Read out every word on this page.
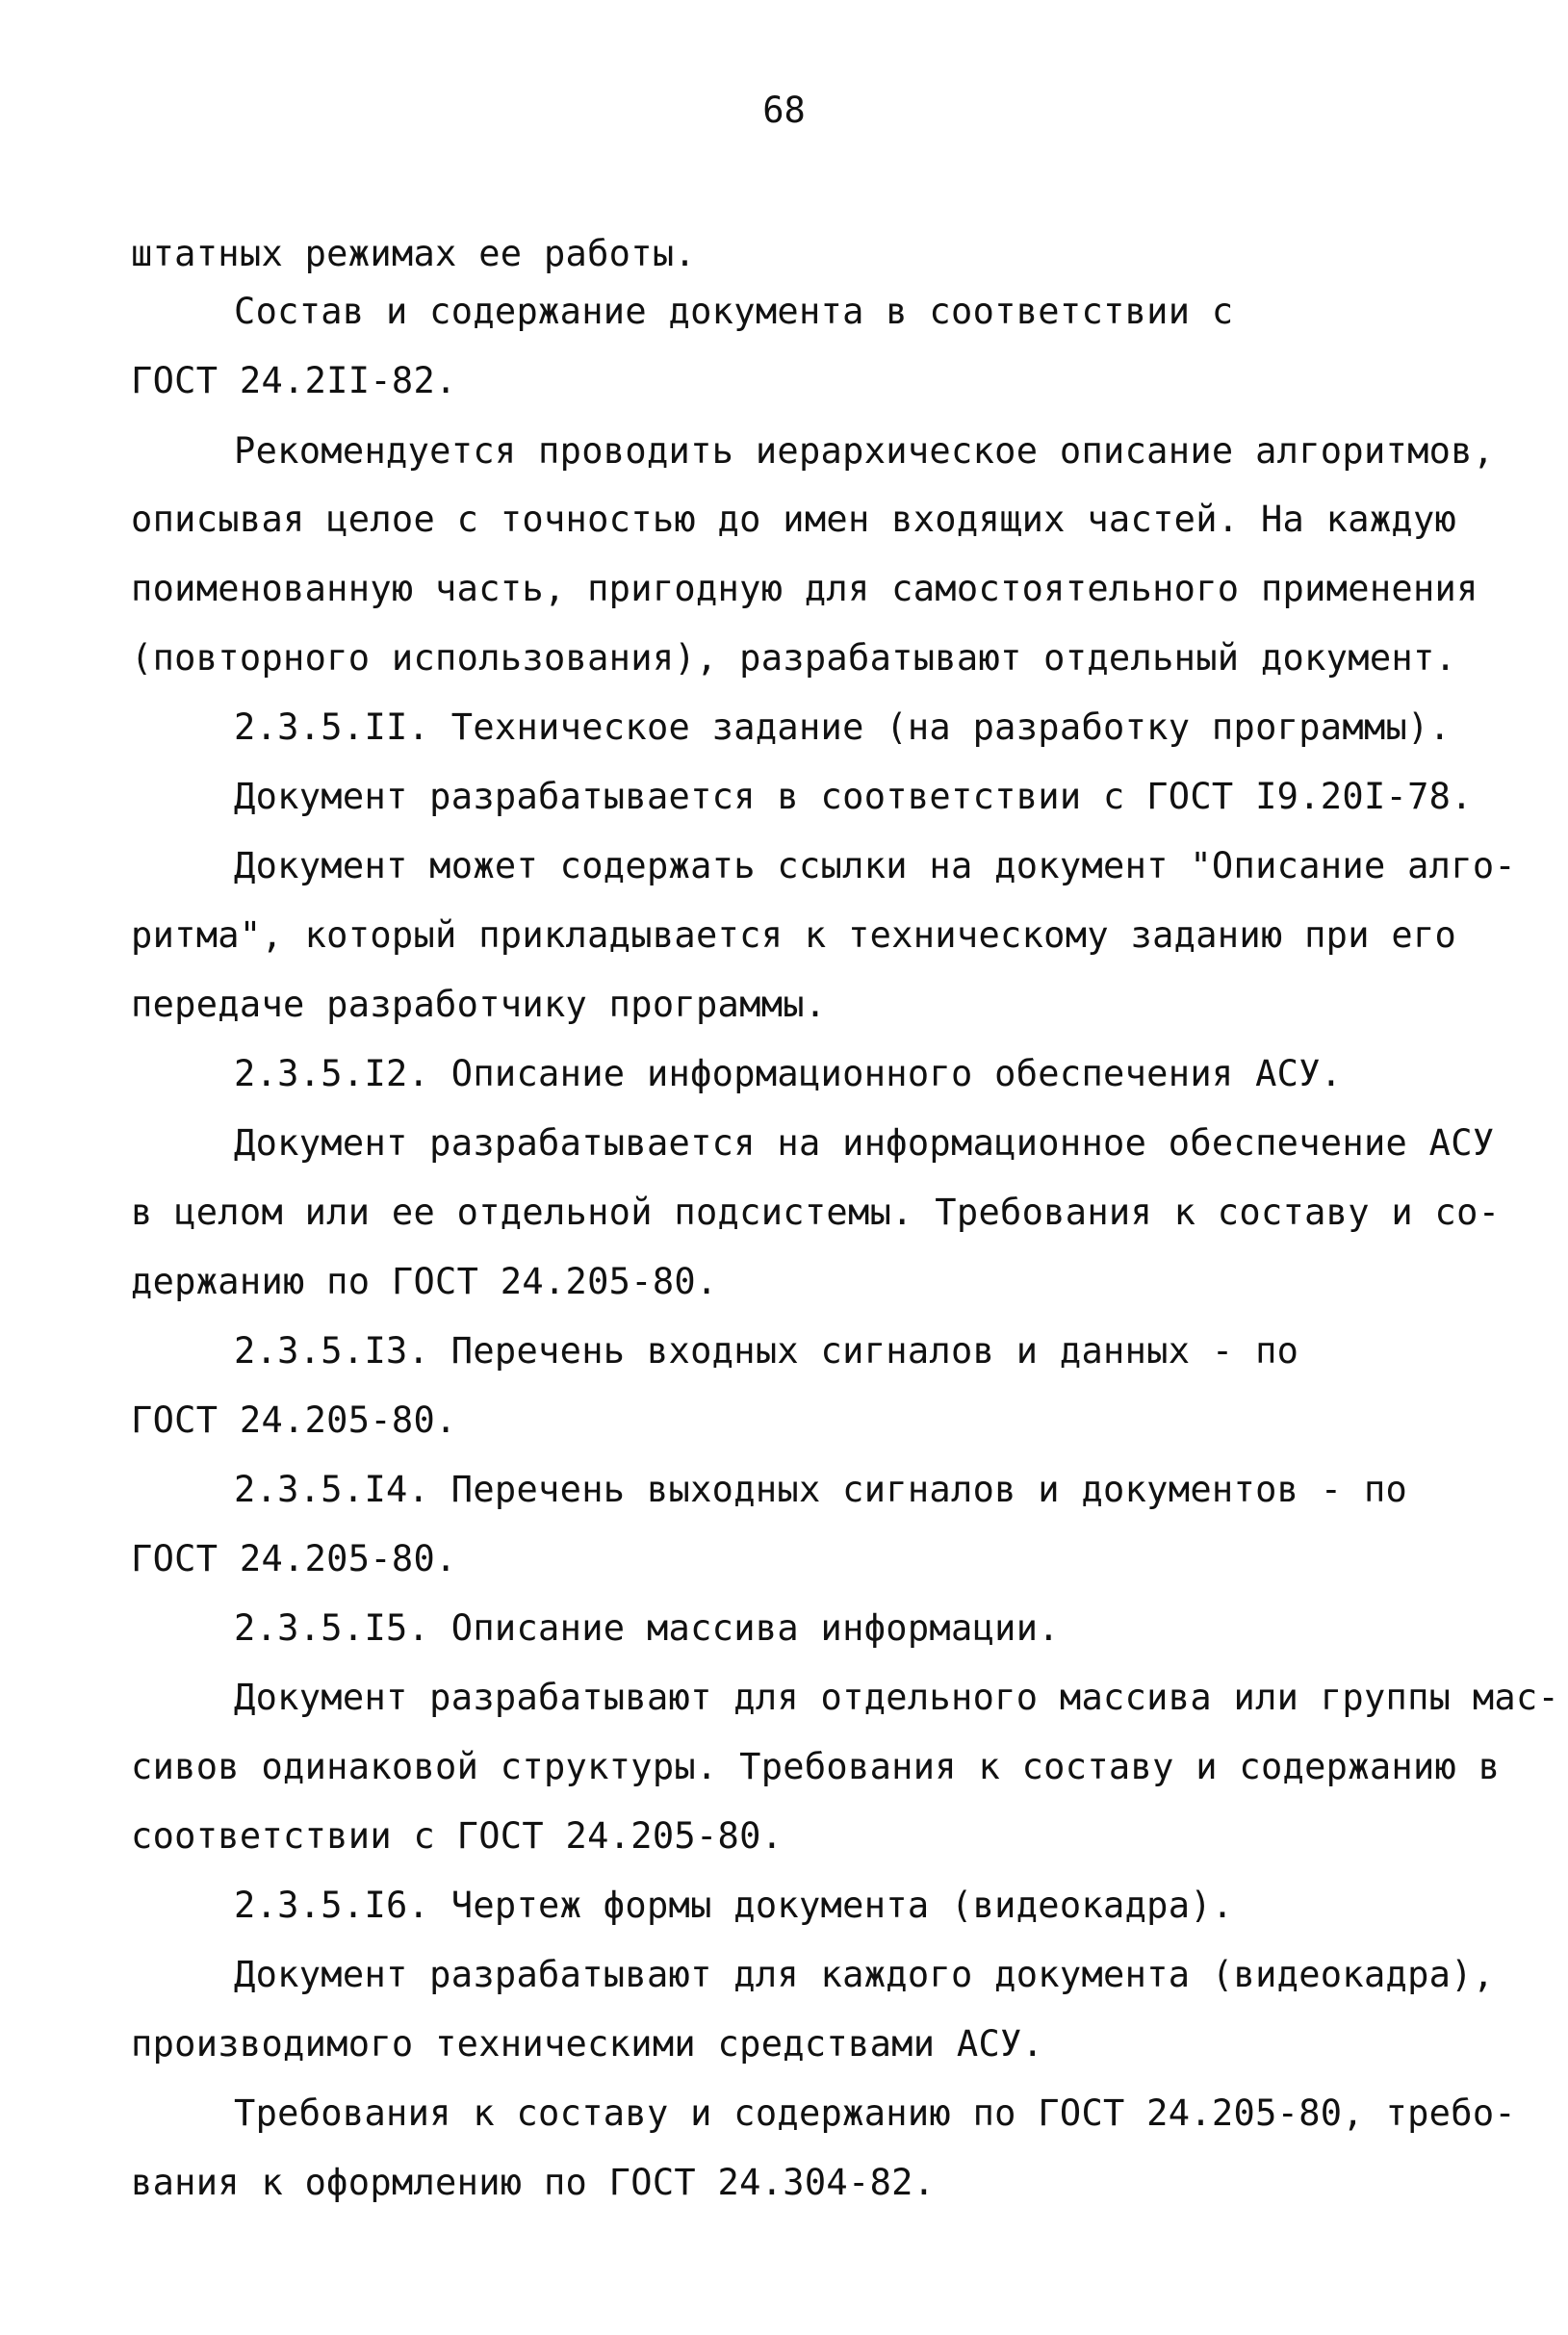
68
штатных режимах ее работы.
Состав и содержание документа в соответствии с
ГОСТ 24.2II-82.
Рекомендуется проводить иерархическое описание алгоритмов,
описывая целое с точностью до имен входящих частей. На каждую
поименованную часть, пригодную для самостоятельного применения
(повторного использования), разрабатывают отдельный документ.
2.3.5.II. Техническое задание (на разработку программы).
Документ разрабатывается в соответствии с ГОСТ I9.20I-78.
Документ может содержать ссылки на документ "Описание алго-
ритма", который прикладывается к техническому заданию при его
передаче разработчику программы.
2.3.5.I2. Описание информационного обеспечения АСУ.
Документ разрабатывается на информационное обеспечение АСУ
в целом или ее отдельной подсистемы. Требования к составу и со-
держанию по ГОСТ 24.205-80.
2.3.5.I3. Перечень входных сигналов и данных - по
ГОСТ 24.205-80.
2.3.5.I4. Перечень выходных сигналов и документов - по
ГОСТ 24.205-80.
2.3.5.I5. Описание массива информации.
Документ разрабатывают для отдельного массива или группы мас-
сивов одинаковой структуры. Требования к составу и содержанию в
соответствии с ГОСТ 24.205-80.
2.3.5.I6. Чертеж формы документа (видеокадра).
Документ разрабатывают для каждого документа (видеокадра),
производимого техническими средствами АСУ.
Требования к составу и содержанию по ГОСТ 24.205-80, требо-
вания к оформлению по ГОСТ 24.304-82.
